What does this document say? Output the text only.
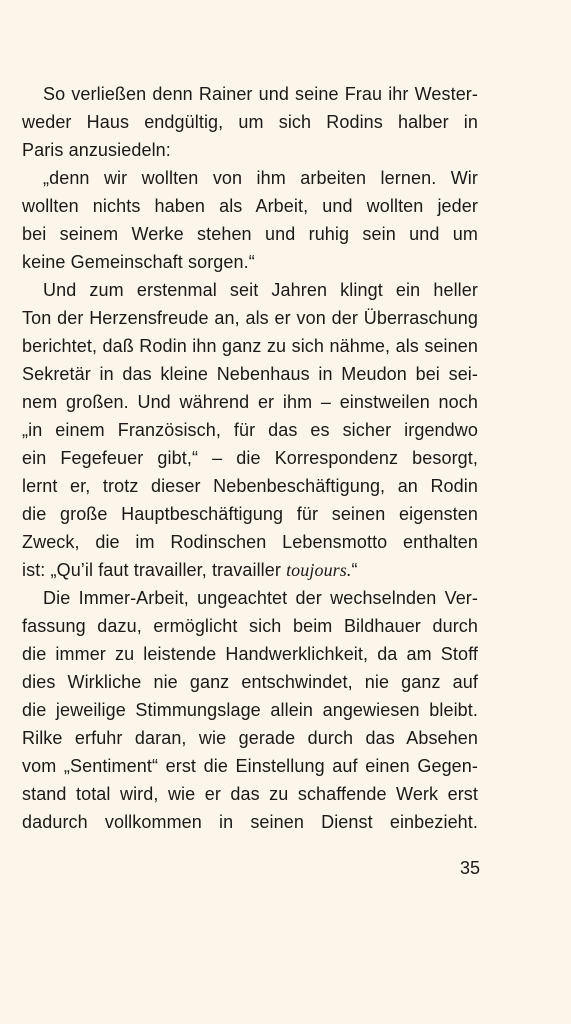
So verließen denn Rainer und seine Frau ihr Wester-
weder Haus endgültig, um sich Rodins halber in
Paris anzusiedeln:
„denn wir wollten von ihm arbeiten lernen. Wir
wollten nichts haben als Arbeit, und wollten jeder
bei seinem Werke stehen und ruhig sein und um
keine Gemeinschaft sorgen.“
Und zum erstenmal seit Jahren klingt ein heller
Ton der Herzensfreude an, als er von der Überraschung
berichtet, daß Rodin ihn ganz zu sich nähme, als seinen
Sekretär in das kleine Nebenhaus in Meudon bei sei-
nem großen. Und während er ihm – einstweilen noch
„in einem Französisch, für das es sicher irgendwo
ein Fegefeuer gibt,“ – die Korrespondenz besorgt,
lernt er, trotz dieser Nebenbeschäftigung, an Rodin
die große Hauptbeschäftigung für seinen eigensten
Zweck, die im Rodinschen Lebensmotto enthalten
ist: „Qu’il faut travailler, travailler toujours.“
Die Immer-Arbeit, ungeachtet der wechselnden Ver-
fassung dazu, ermöglicht sich beim Bildhauer durch
die immer zu leistende Handwerklichkeit, da am Stoff
dies Wirkliche nie ganz entschwindet, nie ganz auf
die jeweilige Stimmungslage allein angewiesen bleibt.
Rilke erfuhr daran, wie gerade durch das Absehen
vom „Sentiment“ erst die Einstellung auf einen Gegen-
stand total wird, wie er das zu schaffende Werk erst
dadurch vollkommen in seinen Dienst einbezieht.
35
